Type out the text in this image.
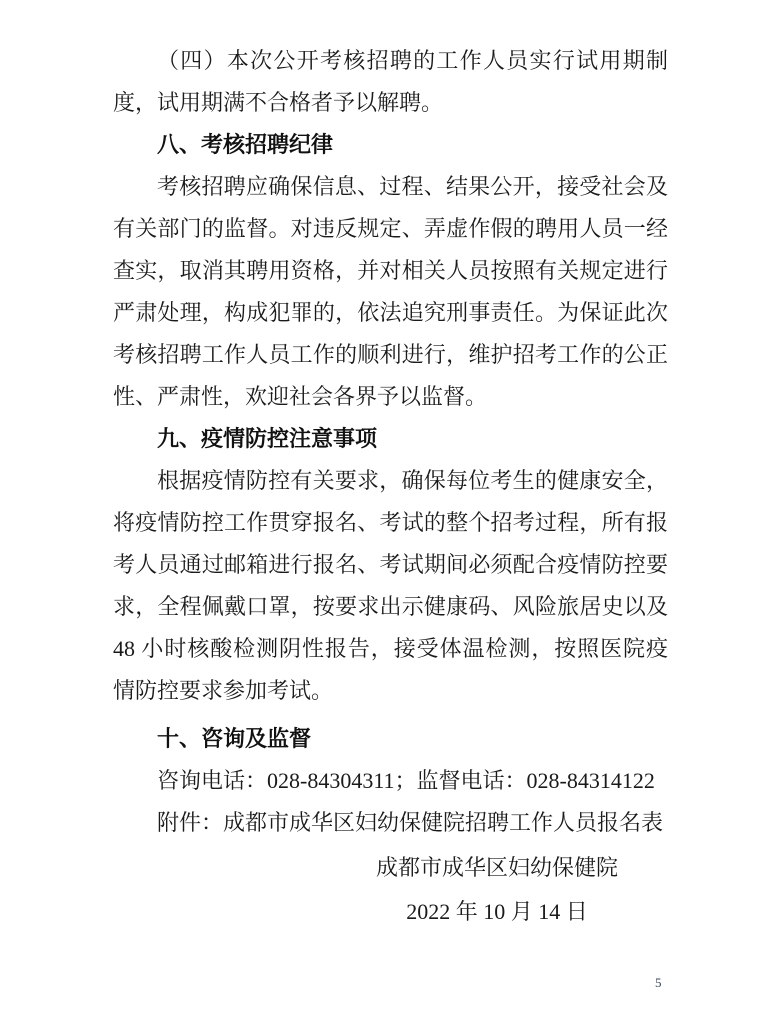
（四）本次公开考核招聘的工作人员实行试用期制度，试用期满不合格者予以解聘。

八、考核招聘纪律

考核招聘应确保信息、过程、结果公开，接受社会及有关部门的监督。对违反规定、弄虚作假的聘用人员一经查实，取消其聘用资格，并对相关人员按照有关规定进行严肃处理，构成犯罪的，依法追究刑事责任。为保证此次考核招聘工作人员工作的顺利进行，维护招考工作的公正性、严肃性，欢迎社会各界予以监督。

九、疫情防控注意事项

根据疫情防控有关要求，确保每位考生的健康安全，将疫情防控工作贯穿报名、考试的整个招考过程，所有报考人员通过邮箱进行报名、考试期间必须配合疫情防控要求，全程佩戴口罩，按要求出示健康码、风险旅居史以及 48 小时核酸检测阴性报告，接受体温检测，按照医院疫情防控要求参加考试。

十、咨询及监督

咨询电话：028-84304311；监督电话：028-84314122

附件：成都市成华区妇幼保健院招聘工作人员报名表

成都市成华区妇幼保健院
2022 年 10 月 14 日
5
